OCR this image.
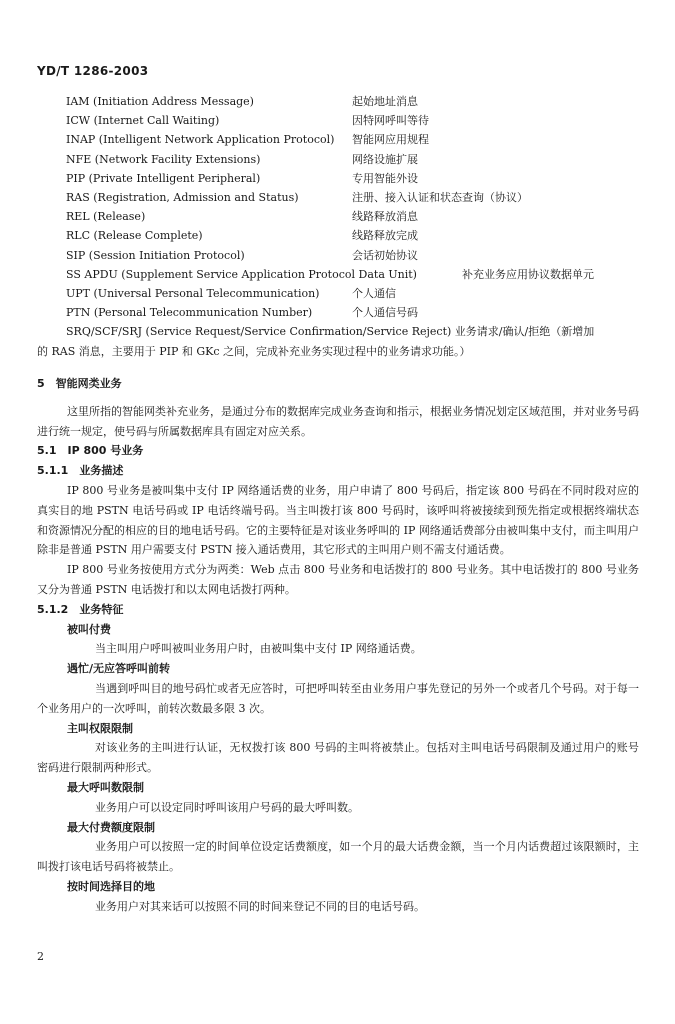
YD/T 1286-2003
IAM (Initiation Address Message)	起始地址消息
ICW (Internet Call Waiting)	因特网呼叫等待
INAP (Intelligent Network Application Protocol) 智能网应用规程
NFE (Network Facility Extensions)	网络设施扩展
PIP (Private Intelligent Peripheral)	专用智能外设
RAS (Registration, Admission and Status)	注册、接入认证和状态查询（协议）
REL (Release)	线路释放消息
RLC (Release Complete)	线路释放完成
SIP (Session Initiation Protocol)	会话初始协议
SS APDU (Supplement Service Application Protocol Data Unit)	补充业务应用协议数据单元
UPT (Universal Personal Telecommunication)	个人通信
PTN (Personal Telecommunication Number)	个人通信号码

SRQ/SCF/SRJ (Service Request/Service Confirmation/Service Reject) 业务请求/确认/拒绝（新增加

的 RAS 消息，主要用于 PIP 和 GKc 之间，完成补充业务实现过程中的业务请求功能。）

5　智能网类业务

这里所指的智能网类补充业务，是通过分布的数据库完成业务查询和指示，根据业务情况划定区域范围，并对业务号码进行统一规定，使号码与所属数据库具有固定对应关系。

5.1　IP 800 号业务

5.1.1　业务描述

IP 800 号业务是被叫集中支付 IP 网络通话费的业务，用户申请了 800 号码后，指定该 800 号码在不同时段对应的真实目的地 PSTN 电话号码或 IP 电话终端号码。当主叫拨打该 800 号码时，该呼叫将被接续到预先指定或根据终端状态和资源情况分配的相应的目的地电话号码。它的主要特征是对该业务呼叫的 IP 网络通话费部分由被叫集中支付，而主叫用户除非是普通 PSTN 用户需要支付 PSTN 接入通话费用，其它形式的主叫用户则不需支付通话费。

IP 800 号业务按使用方式分为两类：Web 点击 800 号业务和电话拨打的 800 号业务。其中电话拨打的 800 号业务又分为普通 PSTN 电话拨打和以太网电话拨打两种。

5.1.2　业务特征

被叫付费

当主叫用户呼叫被叫业务用户时，由被叫集中支付 IP 网络通话费。

遇忙/无应答呼叫前转

当遇到呼叫目的地号码忙或者无应答时，可把呼叫转至由业务用户事先登记的另外一个或者几个号码。对于每一个业务用户的一次呼叫，前转次数最多限 3 次。

主叫权限限制

对该业务的主叫进行认证，无权拨打该 800 号码的主叫将被禁止。包括对主叫电话号码限制及通过用户的账号密码进行限制两种形式。

最大呼叫数限制

业务用户可以设定同时呼叫该用户号码的最大呼叫数。

最大付费额度限制

业务用户可以按照一定的时间单位设定话费额度，如一个月的最大话费金额，当一个月内话费超过该限额时，主叫拨打该电话号码将被禁止。

按时间选择目的地

业务用户对其来话可以按照不同的时间来登记不同的目的电话号码。

2
